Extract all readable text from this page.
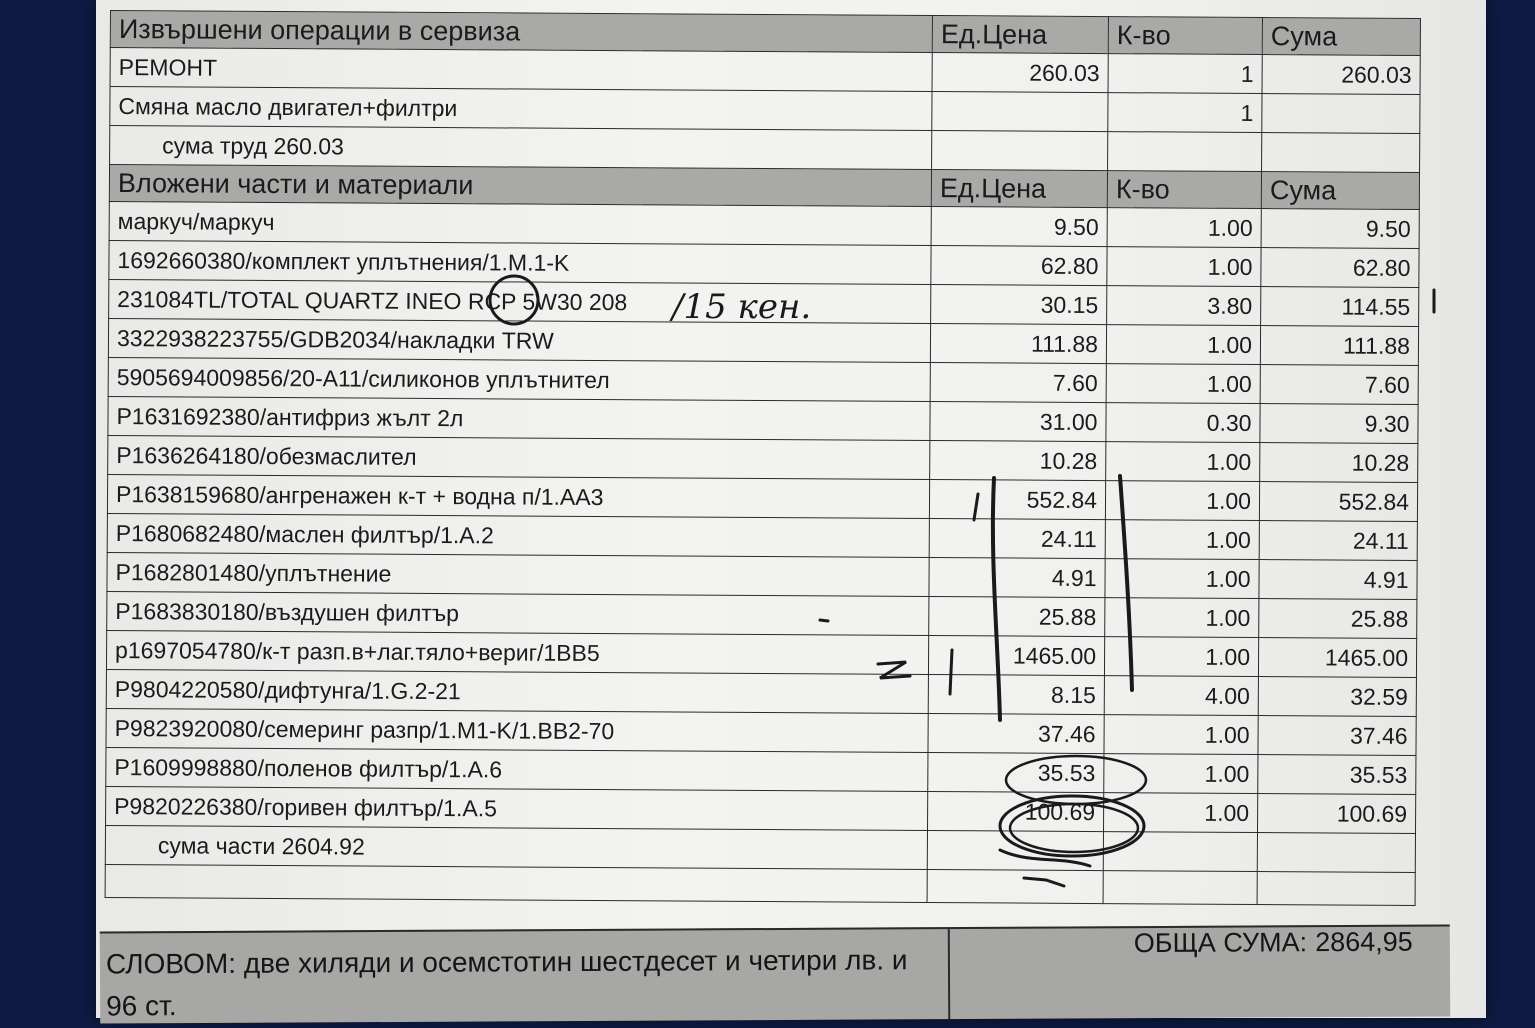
Извършени операции в сервиза	Ед.Цена	К-во	Сума
РЕМОНТ	260.03	1	260.03
Смяна масло двигател+филтри		1	
сума труд 260.03			
Вложени части и материали	Ед.Цена	К-во	Сума
маркуч/маркуч	9.50	1.00	9.50
1692660380/комплект уплътнения/1.M.1-K	62.80	1.00	62.80
231084TL/TOTAL QUARTZ INEO RCP 5W30 208	30.15	3.80	114.55
3322938223755/GDB2034/накладки TRW	111.88	1.00	111.88
5905694009856/20-A11/силиконов уплътнител	7.60	1.00	7.60
P1631692380/антифриз жълт 2л	31.00	0.30	9.30
P1636264180/обезмаслител	10.28	1.00	10.28
P1638159680/ангренажен к-т + водна п/1.AA3	552.84	1.00	552.84
P1680682480/маслен филтър/1.A.2	24.11	1.00	24.11
P1682801480/уплътнение	4.91	1.00	4.91
P1683830180/въздушен филтър	25.88	1.00	25.88
p1697054780/к-т разп.в+лаг.тяло+вериг/1BB5	1465.00	1.00	1465.00
P9804220580/дифтунга/1.G.2-21	8.15	4.00	32.59
P9823920080/семеринг разпр/1.M1-K/1.BB2-70	37.46	1.00	37.46
P1609998880/поленов филтър/1.A.6	35.53	1.00	35.53
P9820226380/горивен филтър/1.A.5	100.69	1.00	100.69
сума части 2604.92			

СЛОВОМ: две хиляди и осемстотин шестдесет и четири лв. и 96 ст.
ОБЩА СУМА: 2864,95
/15 кен.
